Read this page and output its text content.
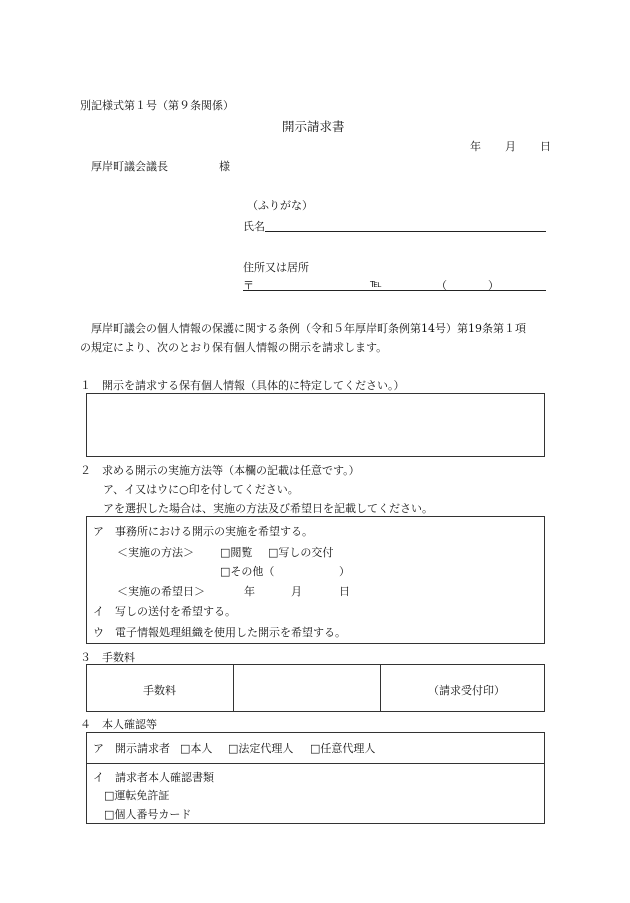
別記様式第１号（第９条関係）
開示請求書
年 月 日
厚岸町議会議長	様
（ふりがな）
氏名
住所又は居所
〒	℡	（	）
厚岸町議会の個人情報の保護に関する条例（令和５年厚岸町条例第14号）第19条第１項
の規定により、次のとおり保有個人情報の開示を請求します。
１　開示を請求する保有個人情報（具体的に特定してください。）
２　求める開示の実施方法等（本欄の記載は任意です。）
ア、イ又はウに○印を付してください。
アを選択した場合は、実施の方法及び希望日を記載してください。
ア　事務所における開示の実施を希望する。
＜実施の方法＞ □閲覧 □写しの交付
□その他（	）
＜実施の希望日＞	年	月	日
イ　写しの送付を希望する。
ウ　電子情報処理組織を使用した開示を希望する。
３　手数料
手数料	（請求受付印）
４　本人確認等
ア　開示請求者 □本人 □法定代理人 □任意代理人
イ　請求者本人確認書類
□運転免許証
□個人番号カード
